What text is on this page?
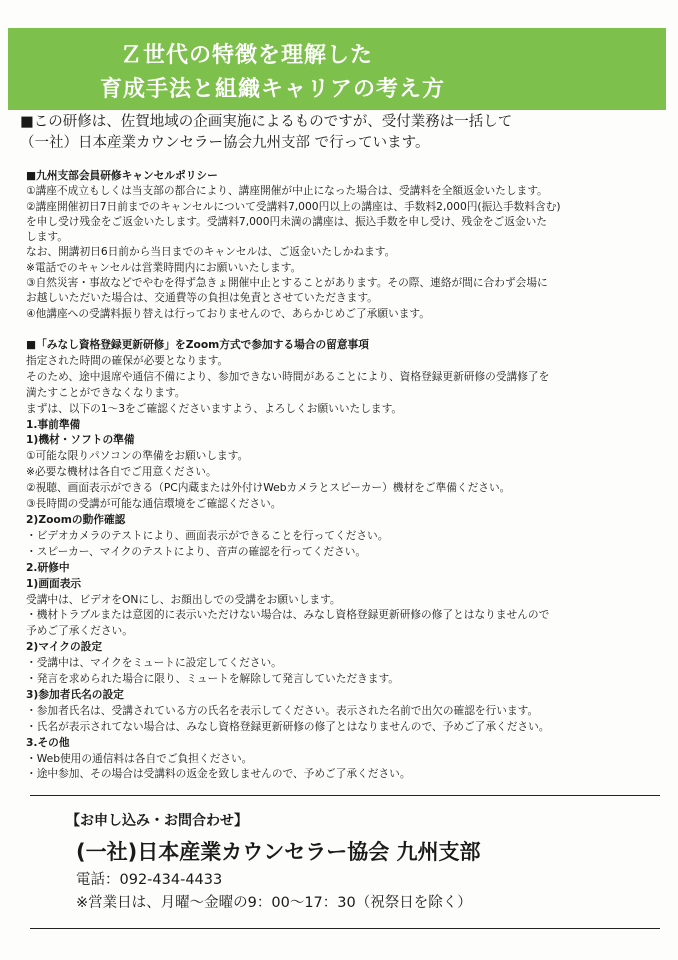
Ｚ世代の特徴を理解した
育成手法と組織キャリアの考え方
■この研修は、佐賀地域の企画実施によるものですが、受付業務は一括して
（一社）日本産業カウンセラー協会九州支部 で行っています。
■九州支部会員研修キャンセルポリシー
①講座不成立もしくは当支部の都合により、講座開催が中止になった場合は、受講料を全額返金いたします。
②講座開催初日7日前までのキャンセルについて受講料7,000円以上の講座は、手数料2,000円(振込手数料含む)
を申し受け残金をご返金いたします。受講料7,000円未満の講座は、振込手数を申し受け、残金をご返金いた
します。
なお、開講初日6日前から当日までのキャンセルは、ご返金いたしかねます。
※電話でのキャンセルは営業時間内にお願いいたします。
③自然災害・事故などでやむを得ず急きょ開催中止とすることがあります。その際、連絡が間に合わず会場に
お越しいただいた場合は、交通費等の負担は免責とさせていただきます。
④他講座への受講料振り替えは行っておりませんので、あらかじめご了承願います。
■「みなし資格登録更新研修」をZoom方式で参加する場合の留意事項
指定された時間の確保が必要となります。
そのため、途中退席や通信不備により、参加できない時間があることにより、資格登録更新研修の受講修了を
満たすことができなくなります。
まずは、以下の1～3をご確認くださいますよう、よろしくお願いいたします。
1.事前準備
1)機材・ソフトの準備
①可能な限りパソコンの準備をお願いします。
※必要な機材は各自でご用意ください。
②視聴、画面表示ができる（PC内蔵または外付けWebカメラとスピーカー）機材をご準備ください。
③長時間の受講が可能な通信環境をご確認ください。
2)Zoomの動作確認
・ビデオカメラのテストにより、画面表示ができることを行ってください。
・スピーカー、マイクのテストにより、音声の確認を行ってください。
2.研修中
1)画面表示
受講中は、ビデオをONにし、お顔出しでの受講をお願いします。
・機材トラブルまたは意図的に表示いただけない場合は、みなし資格登録更新研修の修了とはなりませんので
予めご了承ください。
2)マイクの設定
・受講中は、マイクをミュートに設定してください。
・発言を求められた場合に限り、ミュートを解除して発言していただきます。
3)参加者氏名の設定
・参加者氏名は、受講されている方の氏名を表示してください。表示された名前で出欠の確認を行います。
・氏名が表示されてない場合は、みなし資格登録更新研修の修了とはなりませんので、予めご了承ください。
3.その他
・Web使用の通信料は各自でご負担ください。
・途中参加、その場合は受講料の返金を致しませんので、予めご了承ください。
【お申し込み・お問合わせ】
(一社)日本産業カウンセラー協会 九州支部
電話：092-434-4433
※営業日は、月曜～金曜の9：00～17：30（祝祭日を除く）
